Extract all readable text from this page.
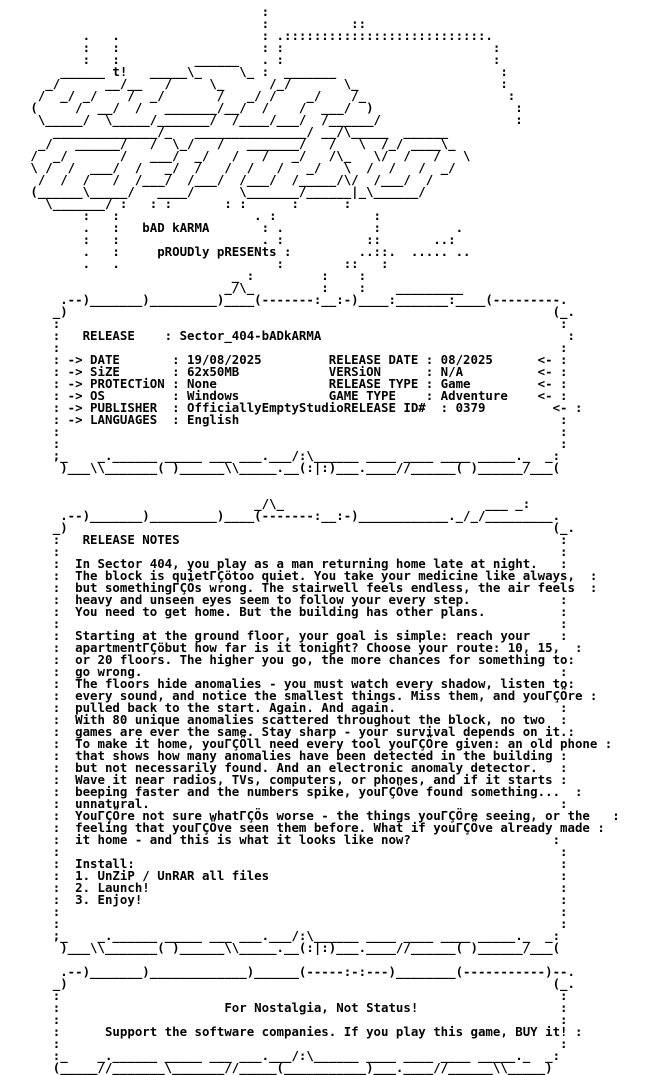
:
:           ::
.   .                   : .:::::::::::::::::::::::::::.
:   :                   : :                            :
:   :          ______   . :                            :
______ t!   _____\_     \_ :  _______                      :
_/      __/__   /     \_      /_/       \_                   :
/  _/ _/    /  _/       /   _/ /    _/    /_                   :
(     /  __/  /   _______/__/  /    /  ___/  )                   :
\_____/  \_____/_______/  /____/___/  /______/                  :
______________/_   _______________/ __/\_____  ______
_/   ______/   /  \_/   /   _______/   /   \  /_/ ____\_
/  _/       /   ___/  _/   /   /   _/   /\_   \/  /   /   \
\ /  /  ___/  /   _/  /   /  /   /   _/   \  /  /   /  _/
/  /  /   /  /___/  /___/  /___/  /_____/\/  /___/  /
(______\_____/   ____/      \_______/______|_\______/
\_______/ :   : :       : :      :      :
:   :                  . :             :
.   :   bAD kARMA       : .            :          .
:   :                   . :           ::       ..:
.   :     pROUDly pRESENts :         ..::.  ..... ..
.   .                     :        ::   :
_ :         :    :
_/\_         :    :    _________
.--)_______)_________)____(-------:__:-)____:_______:____(---------.
_)                                                                 (_.
:                                                                   :
:   RELEASE    : Sector_404-bADkARMA                                 :
:                                                                   :
: -> DATE       : 19/08/2025         RELEASE DATE : 08/2025      <- :
: -> SiZE       : 62x50MB            VERSiON      : N/A          <- :
: -> PROTECTiON : None               RELEASE TYPE : Game         <- :
: -> OS         : Windows            GAME TYPE    : Adventure    <- :
: -> PUBLISHER  : OfficiallyEmptyStudioRELEASE ID#  : 0379         <- :
: -> LANGUAGES  : English                                           :
:                                                                   :
:                                                                   :
;_    _.______ _____ ___ ___.___/:\______ ____ ____ ____ _____._  _:
)___\\_______( )______\\_____.__(:|:)___.____//______( )______/___(
_/\_                           ___ _:
.--)_______)_________)____(-------:__:-)____________._/_/_________.
_)                                                                 (_.
:   RELEASE NOTES                                                   :
:                                                                   :
:  In Sector 404, you play as a man returning home late at night.   :
:  The block is quietΓÇötoo quiet. You take your medicine like always,  :
:  but somethingΓÇÖs wrong. The stairwell feels endless, the air feels  :
:  heavy and unseen eyes seem to follow your every step.            :
:  You need to get home. But the building has other plans.          :
:                                                                   :
:  Starting at the ground floor, your goal is simple: reach your    :
:  apartmentΓÇöbut how far is it tonight? Choose your route: 10, 15,  :
:  or 20 floors. The higher you go, the more chances for something to:
:  go wrong.                                                        :
:  The floors hide anomalies - you must watch every shadow, listen to:
:  every sound, and notice the smallest things. Miss them, and youΓÇÖre :
:  pulled back to the start. Again. And again.                      :
:  With 80 unique anomalies scattered throughout the block, no two  :
:  games are ever the same. Stay sharp - your survival depends on it.:
:  To make it home, youΓÇÖll need every tool youΓÇÖre given: an old phone :
:  that shows how many anomalies have been detected in the building :
:  but not necessarily found. And an electronic anomaly detector.   :
:  Wave it near radios, TVs, computers, or phones, and if it starts :
:  beeping faster and the numbers spike, youΓÇÖve found something...  :
:  unnatural.                                                       :
:  YouΓÇÖre not sure whatΓÇÖs worse - the things youΓÇÖre seeing, or the   :
:  feeling that youΓÇÖve seen them before. What if youΓÇÖve already made :
:  it home - and this is what it looks like now?                   :
:                                                                   :
:  Install:                                                         :
:  1. UnZiP / UnRAR all files                                       :
:  2. Launch!                                                       :
:  3. Enjoy!                                                        :
:                                                                   :
:                                                                   :
;_    _.______ _____ ___ ___.___/:\______ ____ ____ ____ _____._  _:
)___\\_______( )______\\_____.__(:|:)___.____//______( )______/___(
.--)_______)_____________)______(-----:-:---)________(-----------)--.
_)                                                                 (_.
:                                                                   :
:                      For Nostalgia, Not Status!                   :
:                                                                   :
:      Support the software companies. If you play this game, BUY it! :
:                                                                   :
:_    _.______ _____ ___ ___.___/:\______ ____ ____ ____ _____._  _:
(_____//_______\_______//_____(___________)___.____//______\\_____)
